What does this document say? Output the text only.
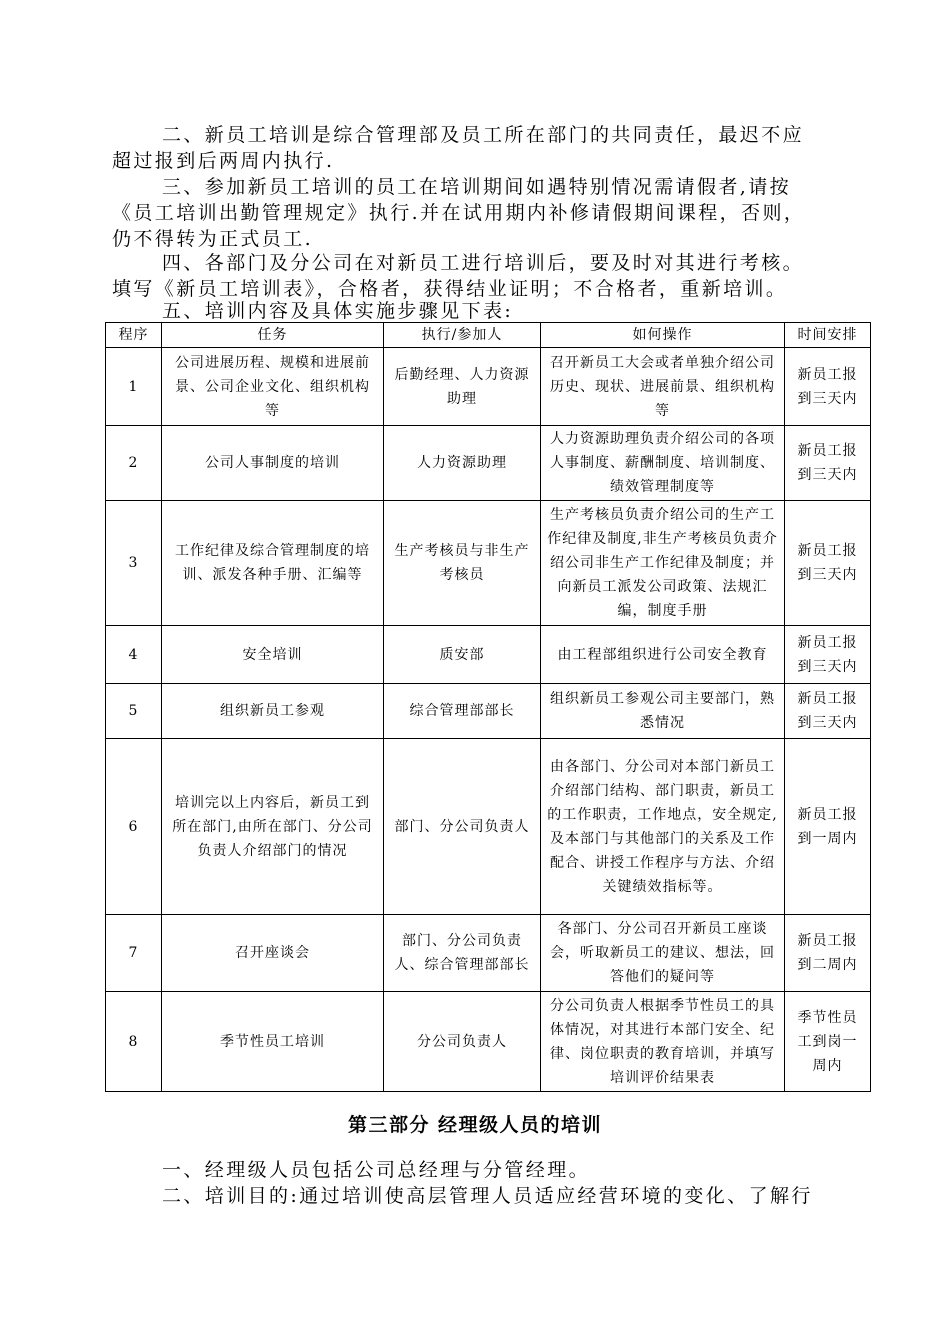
二、新员工培训是综合管理部及员工所在部门的共同责任，最迟不应
超过报到后两周内执行.
三、参加新员工培训的员工在培训期间如遇特别情况需请假者,请按
《员工培训出勤管理规定》执行.并在试用期内补修请假期间课程，否则，
仍不得转为正式员工.
四、各部门及分公司在对新员工进行培训后，要及时对其进行考核。
填写《新员工培训表》，合格者，获得结业证明；不合格者，重新培训。
五、培训内容及具体实施步骤见下表:
程序	任务	执行/参加人	如何操作	时间安排
1	公司进展历程、规模和进展前景、公司企业文化、组织机构等	后勤经理、人力资源助理	召开新员工大会或者单独介绍公司历史、现状、进展前景、组织机构等	新员工报到三天内
2	公司人事制度的培训	人力资源助理	人力资源助理负责介绍公司的各项人事制度、薪酬制度、培训制度、绩效管理制度等	新员工报到三天内
3	工作纪律及综合管理制度的培训、派发各种手册、汇编等	生产考核员与非生产考核员	生产考核员负责介绍公司的生产工作纪律及制度,非生产考核员负责介绍公司非生产工作纪律及制度；并向新员工派发公司政策、法规汇编，制度手册	新员工报到三天内
4	安全培训	质安部	由工程部组织进行公司安全教育	新员工报到三天内
5	组织新员工参观	综合管理部部长	组织新员工参观公司主要部门，熟悉情况	新员工报到三天内
6	培训完以上内容后，新员工到所在部门,由所在部门、分公司负责人介绍部门的情况	部门、分公司负责人	由各部门、分公司对本部门新员工介绍部门结构、部门职责，新员工的工作职责，工作地点，安全规定,及本部门与其他部门的关系及工作配合、讲授工作程序与方法、介绍关键绩效指标等。	新员工报到一周内
7	召开座谈会	部门、分公司负责人、综合管理部部长	各部门、分公司召开新员工座谈会，听取新员工的建议、想法，回答他们的疑问等	新员工报到二周内
8	季节性员工培训	分公司负责人	分公司负责人根据季节性员工的具体情况，对其进行本部门安全、纪律、岗位职责的教育培训，并填写培训评价结果表	季节性员工到岗一周内
第三部分 经理级人员的培训

一、经理级人员包括公司总经理与分管经理。

二、培训目的:通过培训使高层管理人员适应经营环境的变化、了解行
